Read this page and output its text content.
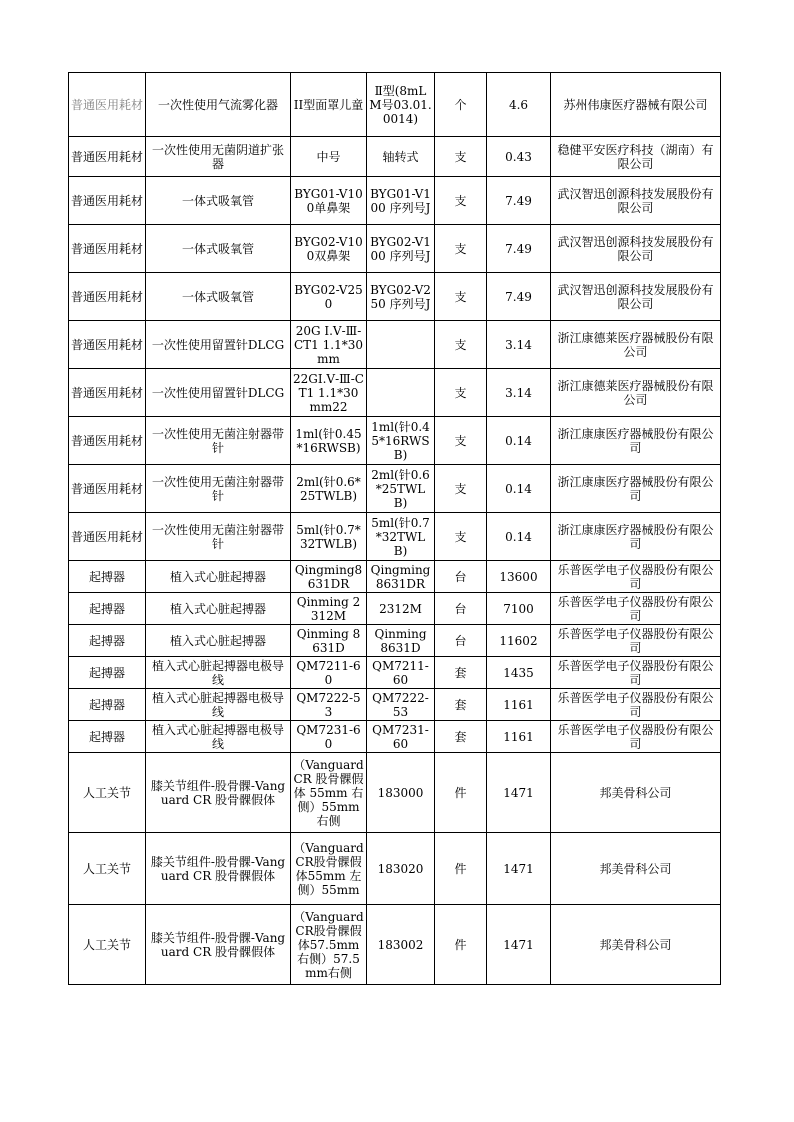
普通医用耗材	一次性使用气流雾化器	II型面罩儿童	Ⅱ型(8mLM号03.01.0014)	个	4.6	苏州伟康医疗器械有限公司
普通医用耗材	一次性使用无菌阴道扩张器	中号	轴转式	支	0.43	稳健平安医疗科技（湖南）有限公司
普通医用耗材	一体式吸氧管	BYG01-V100单鼻架	BYG01-V100 序列号J	支	7.49	武汉智迅创源科技发展股份有限公司
普通医用耗材	一体式吸氧管	BYG02-V100双鼻架	BYG02-V100 序列号J	支	7.49	武汉智迅创源科技发展股份有限公司
普通医用耗材	一体式吸氧管	BYG02-V250	BYG02-V250 序列号J	支	7.49	武汉智迅创源科技发展股份有限公司
普通医用耗材	一次性使用留置针DLCG	20G Ⅰ.Ⅴ-Ⅲ-CT1 1.1*30mm		支	3.14	浙江康德莱医疗器械股份有限公司
普通医用耗材	一次性使用留置针DLCG	22GⅠ.Ⅴ-Ⅲ-CT1 1.1*30mm22		支	3.14	浙江康德莱医疗器械股份有限公司
普通医用耗材	一次性使用无菌注射器带针	1ml(针0.45*16RWSB)	1ml(针0.45*16RWSB)	支	0.14	浙江康康医疗器械股份有限公司
普通医用耗材	一次性使用无菌注射器带针	2ml(针0.6*25TWLB)	2ml(针0.6*25TWLB)	支	0.14	浙江康康医疗器械股份有限公司
普通医用耗材	一次性使用无菌注射器带针	5ml(针0.7*32TWLB)	5ml(针0.7*32TWLB)	支	0.14	浙江康康医疗器械股份有限公司
起搏器	植入式心脏起搏器	Qingming8631DR	Qingming8631DR	台	13600	乐普医学电子仪器股份有限公司
起搏器	植入式心脏起搏器	Qinming 2312M	2312M	台	7100	乐普医学电子仪器股份有限公司
起搏器	植入式心脏起搏器	Qinming 8631D	Qinming 8631D	台	11602	乐普医学电子仪器股份有限公司
起搏器	植入式心脏起搏器电极导线	QM7211-60	QM7211-60	套	1435	乐普医学电子仪器股份有限公司
起搏器	植入式心脏起搏器电极导线	QM7222-53	QM7222-53	套	1161	乐普医学电子仪器股份有限公司
起搏器	植入式心脏起搏器电极导线	QM7231-60	QM7231-60	套	1161	乐普医学电子仪器股份有限公司
人工关节	膝关节组件-股骨髁-Vanguard CR 股骨髁假体	（Vanguard CR 股骨髁假体 55mm 右侧）55mm右侧	183000	件	1471	邦美骨科公司
人工关节	膝关节组件-股骨髁-Vanguard CR 股骨髁假体	（Vanguard CR股骨髁假体55mm 左侧）55mm	183020	件	1471	邦美骨科公司
人工关节	膝关节组件-股骨髁-Vanguard CR 股骨髁假体	（Vanguard CR股骨髁假体57.5mm 右侧）57.5mm右侧	183002	件	1471	邦美骨科公司
